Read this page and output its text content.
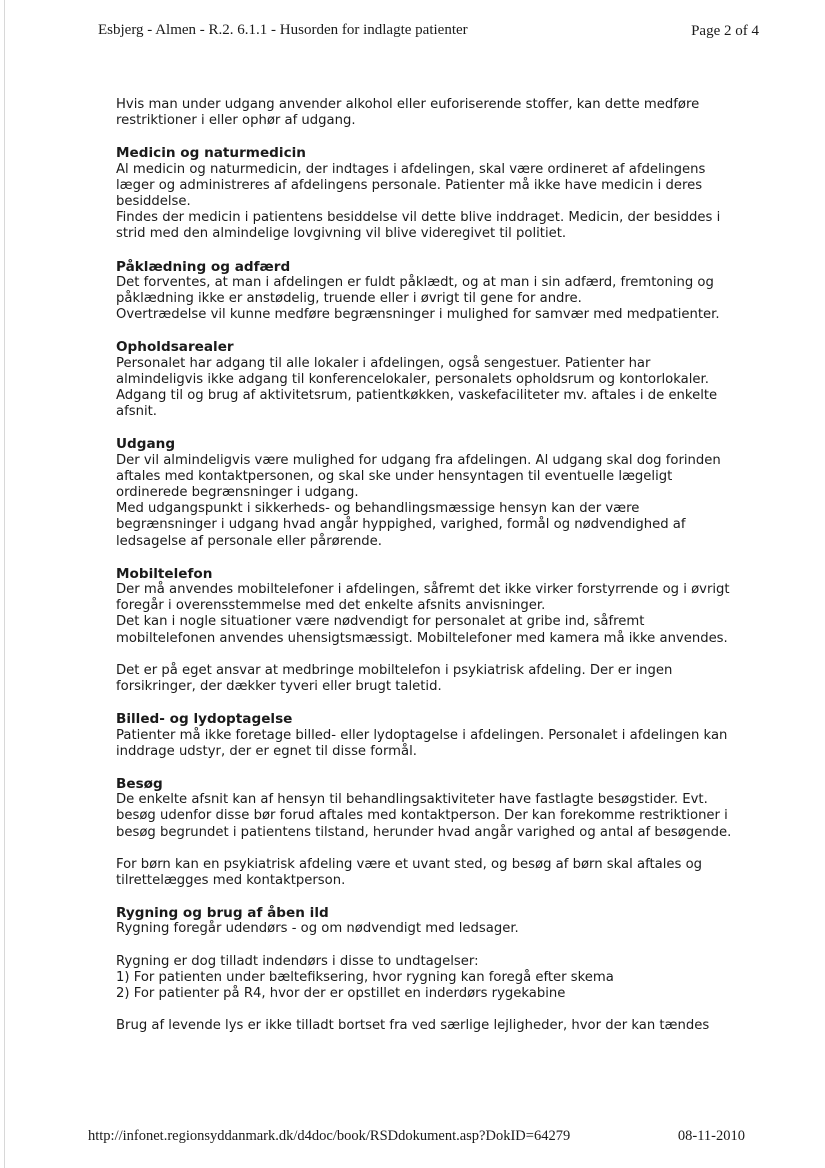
Esbjerg - Almen - R.2. 6.1.1 - Husorden for indlagte patienter	Page 2 of 4

Hvis man under udgang anvender alkohol eller euforiserende stoffer, kan dette medføre restriktioner i eller ophør af udgang.

Medicin og naturmedicin

Al medicin og naturmedicin, der indtages i afdelingen, skal være ordineret af afdelingens læger og administreres af afdelingens personale. Patienter må ikke have medicin i deres besiddelse.

Findes der medicin i patientens besiddelse vil dette blive inddraget. Medicin, der besiddes i strid med den almindelige lovgivning vil blive videregivet til politiet.

Påklædning og adfærd

Det forventes, at man i afdelingen er fuldt påklædt, og at man i sin adfærd, fremtoning og påklædning ikke er anstødelig, truende eller i øvrigt til gene for andre.

Overtrædelse vil kunne medføre begrænsninger i mulighed for samvær med medpatienter.

Opholdsarealer

Personalet har adgang til alle lokaler i afdelingen, også sengestuer. Patienter har almindeligvis ikke adgang til konferencelokaler, personalets opholdsrum og kontorlokaler. Adgang til og brug af aktivitetsrum, patientkøkken, vaskefaciliteter mv. aftales i de enkelte afsnit.

Udgang

Der vil almindeligvis være mulighed for udgang fra afdelingen. Al udgang skal dog forinden aftales med kontaktpersonen, og skal ske under hensyntagen til eventuelle lægeligt ordinerede begrænsninger i udgang.

Med udgangspunkt i sikkerheds- og behandlingsmæssige hensyn kan der være begrænsninger i udgang hvad angår hyppighed, varighed, formål og nødvendighed af ledsagelse af personale eller pårørende.

Mobiltelefon

Der må anvendes mobiltelefoner i afdelingen, såfremt det ikke virker forstyrrende og i øvrigt foregår i overensstemmelse med det enkelte afsnits anvisninger.

Det kan i nogle situationer være nødvendigt for personalet at gribe ind, såfremt mobiltelefonen anvendes uhensigtsmæssigt. Mobiltelefoner med kamera må ikke anvendes.

Det er på eget ansvar at medbringe mobiltelefon i psykiatrisk afdeling. Der er ingen forsikringer, der dækker tyveri eller brugt taletid.

Billed- og lydoptagelse

Patienter må ikke foretage billed- eller lydoptagelse i afdelingen. Personalet i afdelingen kan inddrage udstyr, der er egnet til disse formål.

Besøg

De enkelte afsnit kan af hensyn til behandlingsaktiviteter have fastlagte besøgstider. Evt. besøg udenfor disse bør forud aftales med kontaktperson. Der kan forekomme restriktioner i besøg begrundet i patientens tilstand, herunder hvad angår varighed og antal af besøgende.

For børn kan en psykiatrisk afdeling være et uvant sted, og besøg af børn skal aftales og tilrettelægges med kontaktperson.

Rygning og brug af åben ild

Rygning foregår udendørs - og om nødvendigt med ledsager.

Rygning er dog tilladt indendørs i disse to undtagelser:

1) For patienten under bæltefiksering, hvor rygning kan foregå efter skema

2) For patienter på R4, hvor der er opstillet en inderdørs rygekabine

Brug af levende lys er ikke tilladt bortset fra ved særlige lejligheder, hvor der kan tændes

http://infonet.regionsyddanmark.dk/d4doc/book/RSDdokument.asp?DokID=64279	08-11-2010
